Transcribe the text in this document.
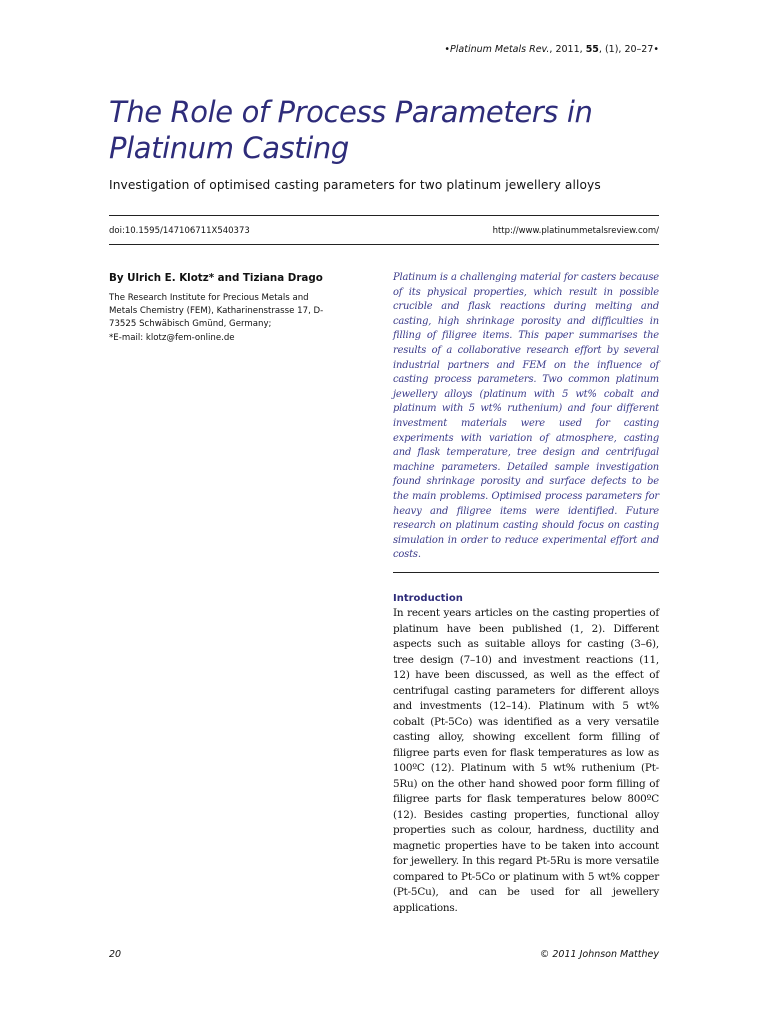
•Platinum Metals Rev., 2011, 55, (1), 20–27•
The Role of Process Parameters in Platinum Casting
Investigation of optimised casting parameters for two platinum jewellery alloys
doi:10.1595/147106711X540373	http://www.platinummetalsreview.com/
By Ulrich E. Klotz* and Tiziana Drago
The Research Institute for Precious Metals and Metals Chemistry (FEM), Katharinenstrasse 17, D-73525 Schwäbisch Gmünd, Germany;
*E-mail: klotz@fem-online.de

Platinum is a challenging material for casters because of its physical properties, which result in possible crucible and flask reactions during melting and casting, high shrinkage porosity and difficulties in filling of filigree items. This paper summarises the results of a collaborative research effort by several industrial partners and FEM on the influence of casting process parameters. Two common platinum jewellery alloys (platinum with 5 wt% cobalt and platinum with 5 wt% ruthenium) and four different investment materials were used for casting experiments with variation of atmosphere, casting and flask temperature, tree design and centrifugal machine parameters. Detailed sample investigation found shrinkage porosity and surface defects to be the main problems. Optimised process parameters for heavy and filigree items were identified. Future research on platinum casting should focus on casting simulation in order to reduce experimental effort and costs.

Introduction

In recent years articles on the casting properties of platinum have been published (1, 2). Different aspects such as suitable alloys for casting (3–6), tree design (7–10) and investment reactions (11, 12) have been discussed, as well as the effect of centrifugal casting parameters for different alloys and investments (12–14). Platinum with 5 wt% cobalt (Pt-5Co) was identified as a very versatile casting alloy, showing excellent form filling of filigree parts even for flask temperatures as low as 100ºC (12). Platinum with 5 wt% ruthenium (Pt-5Ru) on the other hand showed poor form filling of filigree parts for flask temperatures below 800ºC (12). Besides casting properties, functional alloy properties such as colour, hardness, ductility and magnetic properties have to be taken into account for jewellery. In this regard Pt-5Ru is more versatile compared to Pt-5Co or platinum with 5 wt% copper (Pt-5Cu), and can be used for all jewellery applications.

20	© 2011 Johnson Matthey
